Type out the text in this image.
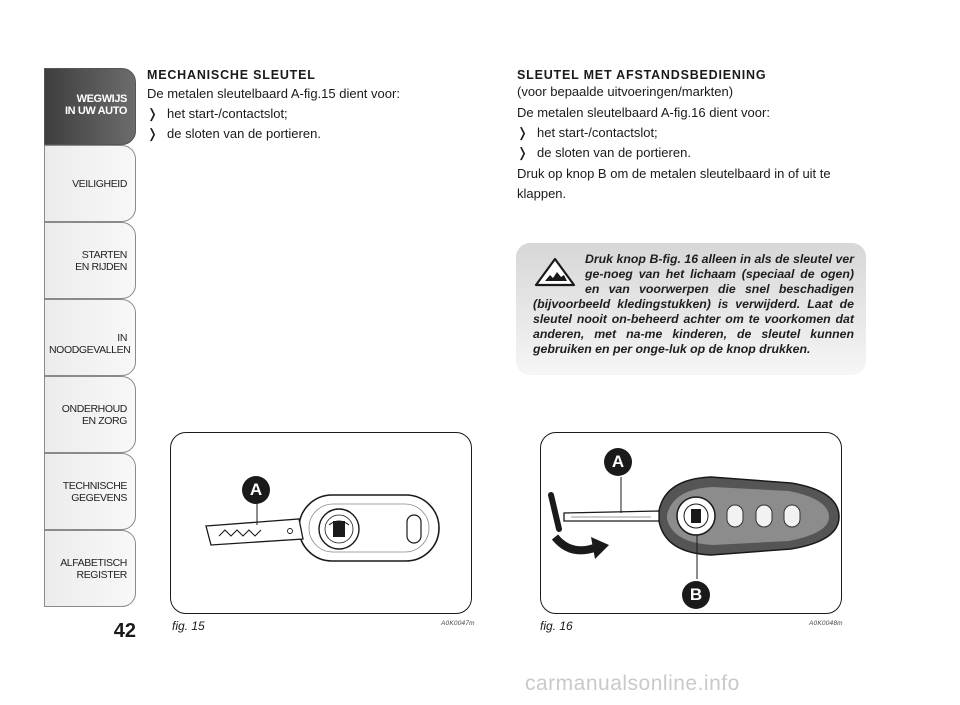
WEGWIJS
IN UW AUTO
VEILIGHEID
STARTEN
EN RIJDEN
IN NOODGEVALLEN
ONDERHOUD
EN ZORG
TECHNISCHE
GEGEVENS
ALFABETISCH
REGISTER
42
MECHANISCHE SLEUTEL

De metalen sleutelbaard A-fig.15 dient voor:

❭ het start-/contactslot;
❭ de sloten van de portieren.
SLEUTEL MET AFSTANDSBEDIENING

(voor bepaalde uitvoeringen/markten)

De metalen sleutelbaard A-fig.16 dient voor:

❭ het start-/contactslot;
❭ de sloten van de portieren.

Druk op knop B om de metalen sleutelbaard in of uit te klappen.

Druk knop B-fig. 16 alleen in als de sleutel ver ge-noeg van het lichaam (speciaal de ogen) en van voorwerpen die snel beschadigen (bijvoorbeeld kledingstukken) is verwijderd. Laat de sleutel nooit on-beheerd achter om te voorkomen dat anderen, met na-me kinderen, de sleutel kunnen gebruiken en per onge-luk op de knop drukken.
A
fig. 15	A0K0047m
A
B
fig. 16	A0K0048m
carmanualsonline.info
